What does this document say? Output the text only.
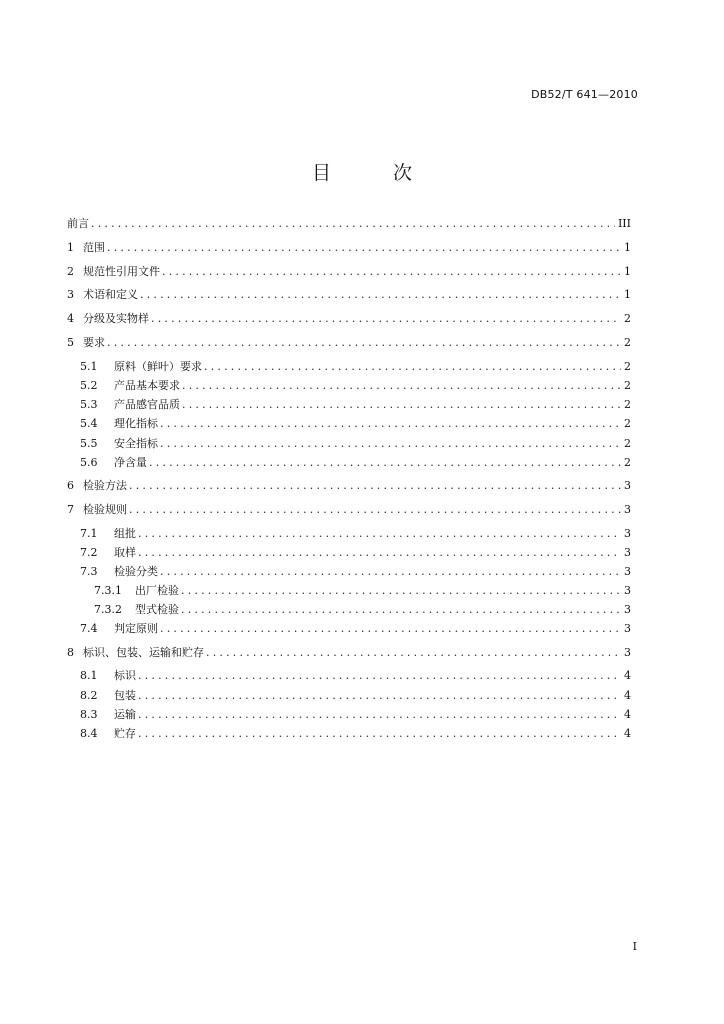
DB52/T 641—2010
目 次
前言 .....	III
1 范围 .....	1
2 规范性引用文件 .....	1
3 术语和定义 .....	1
4 分级及实物样 .....	2
5 要求 .....	2
5.1	原料（鲜叶）要求 .....	2
5.2	产品基本要求 .....	2
5.3	产品感官品质 .....	2
5.4	理化指标 .....	2
5.5	安全指标 .....	2
5.6	净含量 .....	2
6 检验方法 .....	3
7 检验规则 .....	3
7.1	组批 .....	3
7.2	取样 .....	3
7.3	检验分类 .....	3
7.3.1	出厂检验 .....	3
7.3.2	型式检验 .....	3
7.4	判定原则 .....	3
8 标识、包装、运输和贮存 .....	3
8.1	标识 .....	4
8.2	包装 .....	4
8.3	运输 .....	4
8.4	贮存 .....	4
I
